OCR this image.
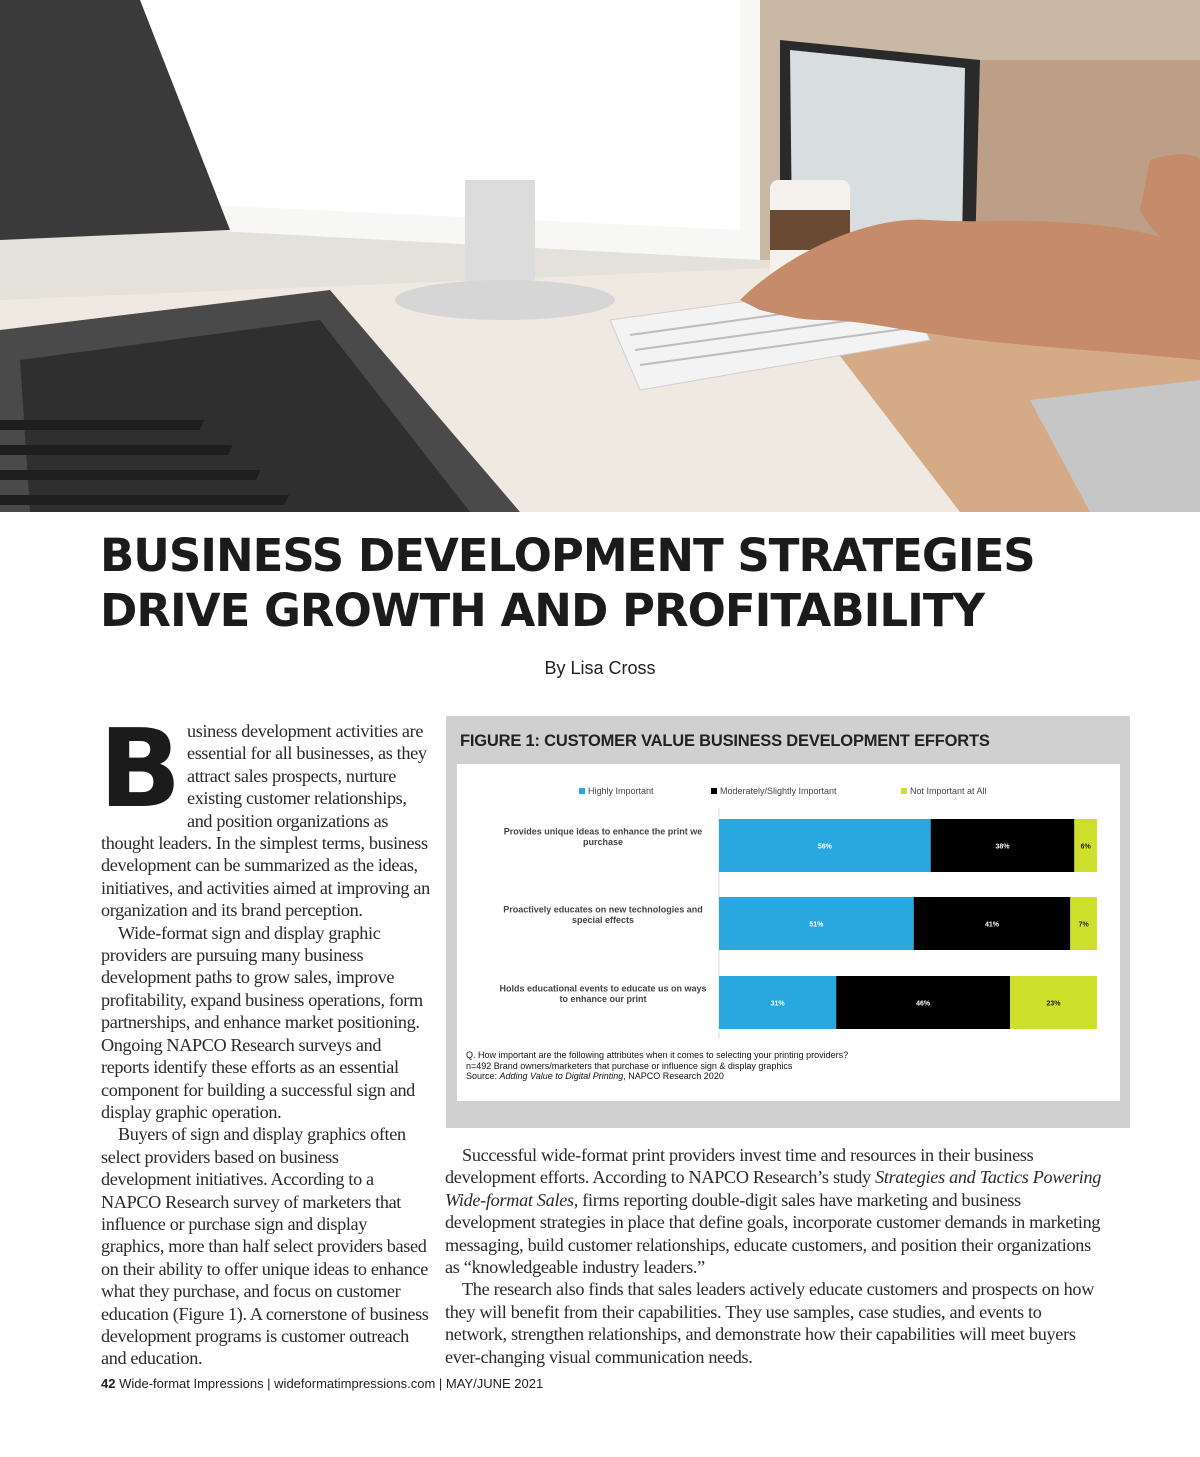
BUSINESS DEVELOPMENT STRATEGIES
DRIVE GROWTH AND PROFITABILITY
By Lisa Cross

Business development activities are essential for all businesses, as they attract sales prospects, nurture existing customer relationships, and position organizations as thought leaders. In the simplest terms, business development can be summarized as the ideas, initiatives, and activities aimed at improving an organization and its brand perception.

Wide-format sign and display graphic providers are pursuing many business development paths to grow sales, improve profitability, expand business operations, form partnerships, and enhance market positioning. Ongoing NAPCO Research surveys and reports identify these efforts as an essential component for building a successful sign and display graphic operation.

Buyers of sign and display graphics often select providers based on business development initiatives. According to a NAPCO Research survey of marketers that influence or purchase sign and display graphics, more than half select providers based on their ability to offer unique ideas to enhance what they purchase, and focus on customer education (Figure 1). A cornerstone of business development programs is customer outreach and education.

FIGURE 1: CUSTOMER VALUE BUSINESS DEVELOPMENT EFFORTS
Highly Important	Moderately/Slightly Important	Not Important at All
Provides unique ideas to enhance the print we purchase
Proactively educates on new technologies and special effects
Holds educational events to educate us on ways to enhance our print
56%	38%	6%
51%	41%	7%
31%	46%	23%
Q. How important are the following attributes when it comes to selecting your printing providers?
n=492 Brand owners/marketers that purchase or influence sign & display graphics
Source: Adding Value to Digital Printing, NAPCO Research 2020

Successful wide-format print providers invest time and resources in their business development efforts. According to NAPCO Research’s study Strategies and Tactics Powering Wide-format Sales, firms reporting double-digit sales have marketing and business development strategies in place that define goals, incorporate customer demands in marketing messaging, build customer relationships, educate customers, and position their organizations as “knowledgeable industry leaders.”

The research also finds that sales leaders actively educate customers and prospects on how they will benefit from their capabilities. They use samples, case studies, and events to network, strengthen relationships, and demonstrate how their capabilities will meet buyers ever-changing visual communication needs.

42 Wide-format Impressions | wideformatimpressions.com | MAY/JUNE 2021
